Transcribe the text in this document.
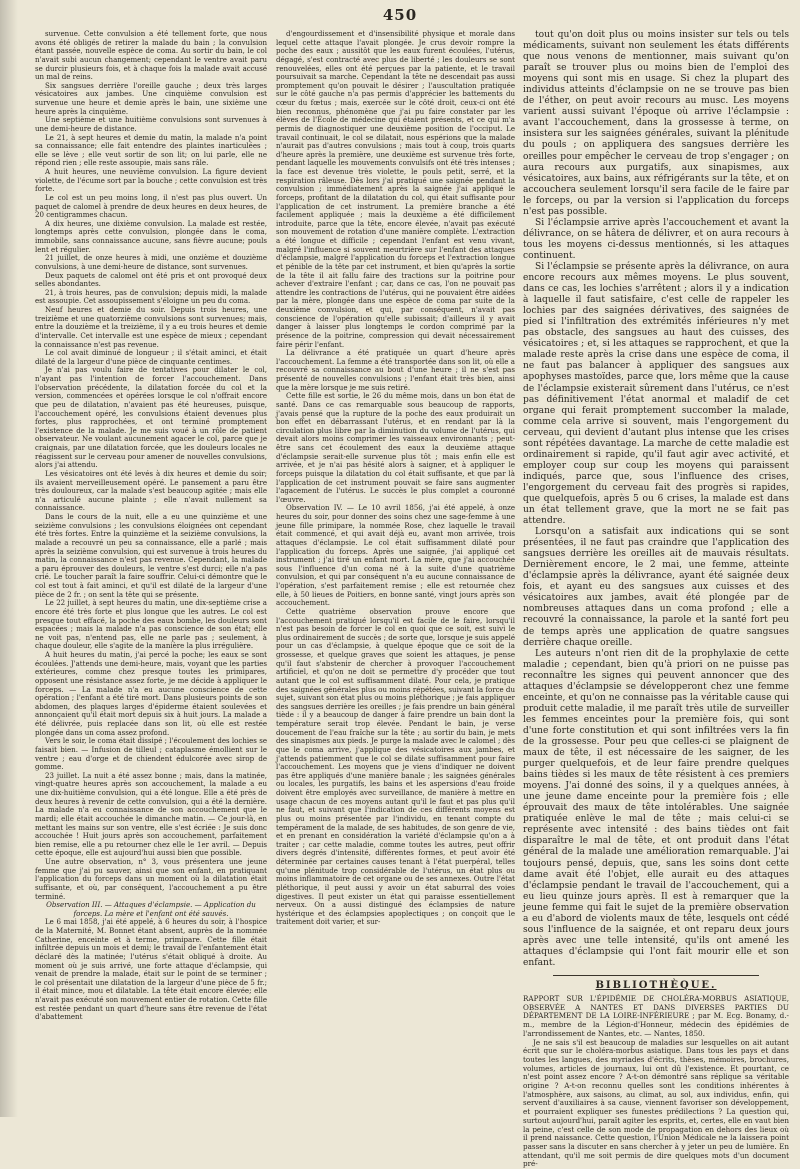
450

survenue. Cette convulsion a été tellement forte, que nous avons été obligés de retirer la malade du bain ; la convulsion étant passée, nouvelle espèce de coma. Au sortir du bain, le col n'avait subi aucun changement; cependant le ventre avait paru se durcir plusieurs fois, et à chaque fois la malade avait accusé un mal de reins.

Six sangsues derrière l'oreille gauche ; deux très larges vésicatoires aux jambes. Une cinquième convulsion est survenue une heure et demie après le bain, une sixième une heure après la cinquième.

Une septième et une huitième convulsions sont survenues à une demi-heure de distance.

Le 21, à sept heures et demie du matin, la malade n'a point sa connaissance; elle fait entendre des plaintes inarticulées ; elle se lève ; elle veut sortir de son lit; on lui parle, elle ne répond rien ; elle reste assoupie, mais sans râle.

A huit heures, une neuvième convulsion. La figure devient violette, de l'écume sort par la bouche ; cette convulsion est très forte.

Le col est un peu moins long, il n'est pas plus ouvert. Un paquet de calomel à prendre de deux heures en deux heures, de 20 centigrammes chacun.

A dix heures, une dixième convulsion. La malade est restée, longtemps après cette convulsion, plongée dans le coma, immobile, sans connaissance aucune, sans fièvre aucune; pouls lent et régulier.

21 juillet, de onze heures à midi, une onzième et douzième convulsions, à une demi-heure de distance, sont survenues.

Deux paquets de calomel ont été pris et ont provoqué deux selles abondantes.

21, à trois heures, pas de convulsion; depuis midi, la malade est assoupie. Cet assoupissement s'éloigne un peu du coma.

Neuf heures et demie du soir. Depuis trois heures, une treizième et une quatorzième convulsions sont survenues; mais, entre la douzième et la treizième, il y a eu trois heures et demie d'intervalle. Cet intervalle est une espèce de mieux ; cependant la connaissance n'est pas revenue.

Le col avait diminué de longueur ; il s'était aminci, et était dilaté de la largeur d'une pièce de cinquante centimes.

Je n'ai pas voulu faire de tentatives pour dilater le col, n'ayant pas l'intention de forcer l'accouchement. Dans l'observation précédente, la dilatation forcée du col et la version, commencées et opérées lorsque le col n'offrait encore que peu de dilatation, n'avaient pas été heureuses, puisque, l'accouchement opéré, les convulsions étaient devenues plus fortes, plus rapprochées, et ont terminé promptement l'existence de la malade. Je me suis voué à un rôle de patient observateur. Ne voulant aucunement agacer le col, parce que je craignais, par une dilatation forcée, que les douleurs locales ne réagissent sur le cerveau pour amener de nouvelles convulsions, alors j'ai attendu.

Les vésicatoires ont été levés à dix heures et demie du soir; ils avaient merveilleusement opéré. Le pansement a paru être très douloureux, car la malade s'est beaucoup agitée ; mais elle n'a articulé aucune plainte ; elle n'avait nullement sa connaissance.

Dans le cours de la nuit, elle a eu une quinzième et une seizième convulsions ; les convulsions éloignées ont cependant été très fortes. Entre la quinzième et la seizième convulsions, la malade a recouvré un peu sa connaissance, elle a parlé ; mais après la seizième convulsion, qui est survenue à trois heures du matin, la connaissance n'est pas revenue. Cependant, la malade a paru éprouver des douleurs, le ventre s'est durci; elle n'a pas crié. Le toucher paraît la faire souffrir. Celui-ci démontre que le col est tout à fait aminci, et qu'il est dilaté de la largeur d'une pièce de 2 fr. ; on sent la tête qui se présente.

Le 22 juillet, à sept heures du matin, une dix-septième crise a encore été très forte et plus longue que les autres. Le col est presque tout effacé, la poche des eaux bombe, les douleurs sont espacées ; mais la malade n'a pas conscience de son état; elle ne voit pas, n'entend pas, elle ne parle pas ; seulement, à chaque douleur, elle s'agite de la manière la plus irrégulière.

A huit heures du matin, j'ai percé la poche; les eaux se sont écoulées. J'attends une demi-heure, mais, voyant que les parties extérieures, comme chez presque toutes les primipares, opposent une résistance assez forte, je me décide à appliquer le forceps. — La malade n'a eu aucune conscience de cette opération ; l'enfant a été tiré mort. Dans plusieurs points de son abdomen, des plaques larges d'épiderme étaient soulevées et annonçaient qu'il était mort depuis six à huit jours. La malade a été délivrée, puis replacée dans son lit, où elle est restée plongée dans un coma assez profond.

Vers le soir, le coma était dissipé ; l'écoulement des lochies se faisait bien. — Infusion de tilleul ; cataplasme émollient sur le ventre ; eau d'orge et de chiendent édulcorée avec sirop de gomme.

23 juillet. La nuit a été assez bonne ; mais, dans la matinée, vingt-quatre heures après son accouchement, la malade a eu une dix-huitième convulsion, qui a été longue. Elle a été près de deux heures à revenir de cette convulsion, qui a été la dernière. La malade n'a eu connaissance de son accouchement que le mardi; elle était accouchée le dimanche matin. — Ce jour-là, en mettant les mains sur son ventre, elle s'est écriée : Je suis donc accouchée ! Huit jours après son accouchement, parfaitement bien remise, elle a pu retourner chez elle le 1er avril. — Depuis cette époque, elle est aujourd'hui aussi bien que possible.

Une autre observation, n° 3, vous présentera une jeune femme que j'ai pu sauver, ainsi que son enfant, en pratiquant l'application du forceps dans un moment où la dilatation était suffisante, et où, par conséquent, l'accouchement a pu être terminé.

Observation III. — Attaques d'éclampsie. — Application du forceps. La mère et l'enfant ont été sauvés.

Le 6 mai 1858, j'ai été appelé, à 6 heures du soir, à l'hospice de la Maternité, M. Bonnet étant absent, auprès de la nommée Catherine, enceinte et à terme, primipare. Cette fille était infiltrée depuis un mois et demi; le travail de l'enfantement était déclaré dès la matinée; l'utérus s'était obliqué à droite. Au moment où je suis arrivé, une forte attaque d'éclampsie, qui venait de prendre la malade, était sur le point de se terminer ; le col présentait une dilatation de la largeur d'une pièce de 5 fr.; il était mince, mou et dilatable. La tête était encore élevée; elle n'avait pas exécuté son mouvement entier de rotation. Cette fille est restée pendant un quart d'heure sans être revenue de l'état d'abattement

d'engourdissement et d'insensibilité physique et morale dans lequel cette attaque l'avait plongée. Je crus devoir rompre la poche des eaux ; aussitôt que les eaux furent écoulées, l'utérus, dégagé, s'est contracté avec plus de liberté ; les douleurs se sont renouvelées, elles ont été perçues par la patiente, et le travail poursuivait sa marche. Cependant la tête ne descendait pas aussi promptement qu'on pouvait le désirer ; l'auscultation pratiquée sur le côté gauche n'a pas permis d'apprécier les battements du cœur du fœtus ; mais, exercée sur le côté droit, ceux-ci ont été bien reconnus, phénomène que j'ai pu faire constater par les élèves de l'École de médecine qui étaient présents, et ce qui m'a permis de diagnostiquer une deuxième position de l'occiput. Le travail continuait, le col se dilatait, nous espérions que la malade n'aurait pas d'autres convulsions ; mais tout à coup, trois quarts d'heure après la première, une deuxième est survenue très forte, pendant laquelle les mouvements convulsifs ont été très intenses ; la face est devenue très violette, le pouls petit, serré, et la respiration râleuse. Dès lors j'ai pratiqué une saignée pendant la convulsion ; immédiatement après la saignée j'ai appliqué le forceps, profitant de la dilatation du col, qui était suffisante pour l'application de cet instrument. La première branche a été facilement appliquée ; mais la deuxième a été difficilement introduite, parce que la tête, encore élevée, n'avait pas exécuté son mouvement de rotation d'une manière complète. L'extraction a été longue et difficile ; cependant l'enfant est venu vivant, malgré l'influence si souvent meurtrière sur l'enfant des attaques d'éclampsie, malgré l'application du forceps et l'extraction longue et pénible de la tête par cet instrument, et bien qu'après la sortie de la tête il ait fallu faire des tractions sur la poitrine pour achever d'extraire l'enfant ; car, dans ce cas, l'on ne pouvait pas attendre les contractions de l'utérus, qui ne pouvaient être aidées par la mère, plongée dans une espèce de coma par suite de la deuxième convulsion, et qui, par conséquent, n'avait pas conscience de l'opération qu'elle subissait; d'ailleurs il y avait danger à laisser plus longtemps le cordon comprimé par la présence de la poitrine, compression qui devait nécessairement faire périr l'enfant.

La délivrance a été pratiquée un quart d'heure après l'accouchement. La femme a été transportée dans son lit, où elle a recouvré sa connaissance au bout d'une heure ; il ne s'est pas présenté de nouvelles convulsions ; l'enfant était très bien, ainsi que la mère lorsque je me suis retiré.

Cette fille est sortie, le 26 du même mois, dans un bon état de santé. Dans ce cas remarquable sous beaucoup de rapports, j'avais pensé que la rupture de la poche des eaux produirait un bon effet en débarrassant l'utérus, et en rendant par là la circulation plus libre par la diminution du volume de l'utérus, qui devait alors moins comprimer les vaisseaux environnants ; peut-être sans cet écoulement des eaux la deuxième attaque d'éclampsie serait-elle survenue plus tôt ; mais enfin elle est arrivée, et je n'ai pas hésité alors à saigner, et à appliquer le forceps puisque la dilatation du col était suffisante, et que par là l'application de cet instrument pouvait se faire sans augmenter l'agacement de l'utérus. Le succès le plus complet a couronné l'œuvre.

Observation IV. — Le 10 avril 1856, j'ai été appelé, à onze heures du soir, pour donner des soins chez une sage-femme à une jeune fille primipare, la nommée Rose, chez laquelle le travail était commencé, et qui avait déjà eu, avant mon arrivée, trois attaques d'éclampsie. Le col était suffisamment dilaté pour l'application du forceps. Après une saignée, j'ai appliqué cet instrument ; j'ai tiré un enfant mort. La mère, que j'ai accouchée sous l'influence d'un coma né à la suite d'une quatrième convulsion, et qui par conséquent n'a eu aucune connaissance de l'opération, s'est parfaitement remise ; elle est retournée chez elle, à 50 lieues de Poitiers, en bonne santé, vingt jours après son accouchement.

Cette quatrième observation prouve encore que l'accouchement pratiqué lorsqu'il est facile de le faire, lorsqu'il n'est pas besoin de forcer le col en quoi que ce soit, est suivi le plus ordinairement de succès ; de sorte que, lorsque je suis appelé pour un cas d'éclampsie, à quelque époque que ce soit de la grossesse, et quelque graves que soient les attaques, je pense qu'il faut s'abstenir de chercher à provoquer l'accouchement artificiel, et qu'on ne doit se permettre d'y procéder que tout autant que le col est suffisamment dilaté. Pour cela, je pratique des saignées générales plus ou moins répétées, suivant la force du sujet, suivant son état plus ou moins pléthorique ; je fais appliquer des sangsues derrière les oreilles ; je fais prendre un bain général tiède : il y a beaucoup de danger à faire prendre un bain dont la température serait trop élevée. Pendant le bain, je verse doucement de l'eau fraîche sur la tête ; au sortir du bain, je mets des sinapismes aux pieds. Je purge la malade avec le calomel ; dès que le coma arrive, j'applique des vésicatoires aux jambes, et j'attends patiemment que le col se dilate suffisamment pour faire l'accouchement. Les moyens que je viens d'indiquer ne doivent pas être appliqués d'une manière banale ; les saignées générales ou locales, les purgatifs, les bains et les aspersions d'eau froide doivent être employés avec surveillance, de manière à mettre en usage chacun de ces moyens autant qu'il le faut et pas plus qu'il ne faut, et suivant que l'indication de ces différents moyens est plus ou moins présentée par l'individu, en tenant compte du tempérament de la malade, de ses habitudes, de son genre de vie, et en prenant en considération la variété d'éclampsie qu'on a à traiter ; car cette maladie, comme toutes les autres, peut offrir divers degrés d'intensité, différentes formes, et peut avoir été déterminée par certaines causes tenant à l'état puerpéral, telles qu'une plénitude trop considérable de l'utérus, un état plus ou moins inflammatoire de cet organe ou de ses annexes. Outre l'état pléthorique, il peut aussi y avoir un état saburral des voies digestives. Il peut exister un état qui paraisse essentiellement nerveux. On a aussi distingué des éclampsies de nature hystérique et des éclampsies apoplectiques ; on conçoit que le traitement doit varier, et sur-

tout qu'on doit plus ou moins insister sur tels ou tels médicaments, suivant non seulement les états différents que nous venons de mentionner, mais suivant qu'on paraît se trouver plus ou moins bien de l'emploi des moyens qui sont mis en usage. Si chez la plupart des individus atteints d'éclampsie on ne se trouve pas bien de l'éther, on peut avoir recours au musc. Les moyens varient aussi suivant l'époque où arrive l'éclampsie : avant l'accouchement, dans la grossesse à terme, on insistera sur les saignées générales, suivant la plénitude du pouls ; on appliquera des sangsues derrière les oreilles pour empêcher le cerveau de trop s'engager ; on aura recours aux purgatifs, aux sinapismes, aux vésicatoires, aux bains, aux réfrigérants sur la tête, et on accouchera seulement lorsqu'il sera facile de le faire par le forceps, ou par la version si l'application du forceps n'est pas possible.

Si l'éclampsie arrive après l'accouchement et avant la délivrance, on se hâtera de délivrer, et on aura recours à tous les moyens ci-dessus mentionnés, si les attaques continuent.

Si l'éclampsie se présente après la délivrance, on aura encore recours aux mêmes moyens. Le plus souvent, dans ce cas, les lochies s'arrêtent ; alors il y a indication à laquelle il faut satisfaire, c'est celle de rappeler les lochies par des saignées dérivatives, des saignées de pied si l'infiltration des extrémités inférieures n'y met pas obstacle, des sangsues au haut des cuisses, des vésicatoires ; et, si les attaques se rapprochent, et que la malade reste après la crise dans une espèce de coma, il ne faut pas balancer à appliquer des sangsues aux apophyses mastoïdes, parce que, lors même que la cause de l'éclampsie existerait sûrement dans l'utérus, ce n'est pas définitivement l'état anormal et maladif de cet organe qui ferait promptement succomber la malade, comme cela arrive si souvent, mais l'engorgement du cerveau, qui devient d'autant plus intense que les crises sont répétées davantage. La marche de cette maladie est ordinairement si rapide, qu'il faut agir avec activité, et employer coup sur coup les moyens qui paraissent indiqués, parce que, sous l'influence des crises, l'engorgement du cerveau fait des progrès si rapides, que quelquefois, après 5 ou 6 crises, la malade est dans un état tellement grave, que la mort ne se fait pas attendre.

Lorsqu'on a satisfait aux indications qui se sont présentées, il ne faut pas craindre que l'application des sangsues derrière les oreilles ait de mauvais résultats. Dernièrement encore, le 2 mai, une femme, atteinte d'éclampsie après la délivrance, ayant été saignée deux fois, et ayant eu des sangsues aux cuisses et des vésicatoires aux jambes, avait été plongée par de nombreuses attaques dans un coma profond ; elle a recouvré la connaissance, la parole et la santé fort peu de temps après une application de quatre sangsues derrière chaque oreille.

Les auteurs n'ont rien dit de la prophylaxie de cette maladie ; cependant, bien qu'à priori on ne puisse pas reconnaître les signes qui peuvent annoncer que des attaques d'éclampsie se développeront chez une femme enceinte, et qu'on ne connaisse pas la véritable cause qui produit cette maladie, il me paraît très utile de surveiller les femmes enceintes pour la première fois, qui sont d'une forte constitution et qui sont infiltrées vers la fin de la grossesse. Pour peu que celles-ci se plaignent de maux de tête, il est nécessaire de les saigner, de les purger quelquefois, et de leur faire prendre quelques bains tièdes si les maux de tête résistent à ces premiers moyens. J'ai donné des soins, il y a quelques années, à une jeune dame enceinte pour la première fois ; elle éprouvait des maux de tête intolérables. Une saignée pratiquée enlève le mal de tête ; mais celui-ci se représente avec intensité : des bains tièdes ont fait disparaître le mal de tête, et ont produit dans l'état général de la malade une amélioration remarquable. J'ai toujours pensé, depuis, que, sans les soins dont cette dame avait été l'objet, elle aurait eu des attaques d'éclampsie pendant le travail de l'accouchement, qui a eu lieu quinze jours après. Il est à remarquer que la jeune femme qui fait le sujet de la première observation a eu d'abord de violents maux de tête, lesquels ont cédé sous l'influence de la saignée, et ont reparu deux jours après avec une telle intensité, qu'ils ont amené les attaques d'éclampsie qui l'ont fait mourir elle et son enfant.

BIBLIOTHÈQUE.

RAPPORT SUR L'ÉPIDÉMIE DE CHOLÉRA-MORBUS ASIATIQUE, OBSERVÉE A NANTES ET DANS DIVERSES PARTIES DU DÉPARTEMENT DE LA LOIRE-INFÉRIEURE ; par M. Ecg. Bonamy, d.-m., membre de la Légion-d'Honneur, médecin des épidémies de l'arrondissement de Nantes, etc. — Nantes, 1850.

Je ne sais s'il est beaucoup de maladies sur lesquelles on ait autant écrit que sur le choléra-morbus asiatique. Dans tous les pays et dans toutes les langues, des myriades d'écrits, thèses, mémoires, brochures, volumes, articles de journaux, lui ont dû l'existence. Et pourtant, ce n'est point assez encore ? A-t-on démontré sans réplique sa véritable origine ? A-t-on reconnu quelles sont les conditions inhérentes à l'atmosphère, aux saisons, au climat, au sol, aux individus, enfin, qui servent d'auxiliaires à sa cause, viennent favoriser son développement, et pourraient expliquer ses funestes prédilections ? La question qui, surtout aujourd'hui, paraît agiter les esprits, et, certes, elle en vaut bien la peine, c'est celle de son mode de propagation en dehors des lieux où il prend naissance. Cette question, l'Union Médicale ne la laissera point passer sans la discuter en sans chercher à y jeter un peu de lumière. En attendant, qu'il me soit permis de dire quelques mots d'un document pré-
